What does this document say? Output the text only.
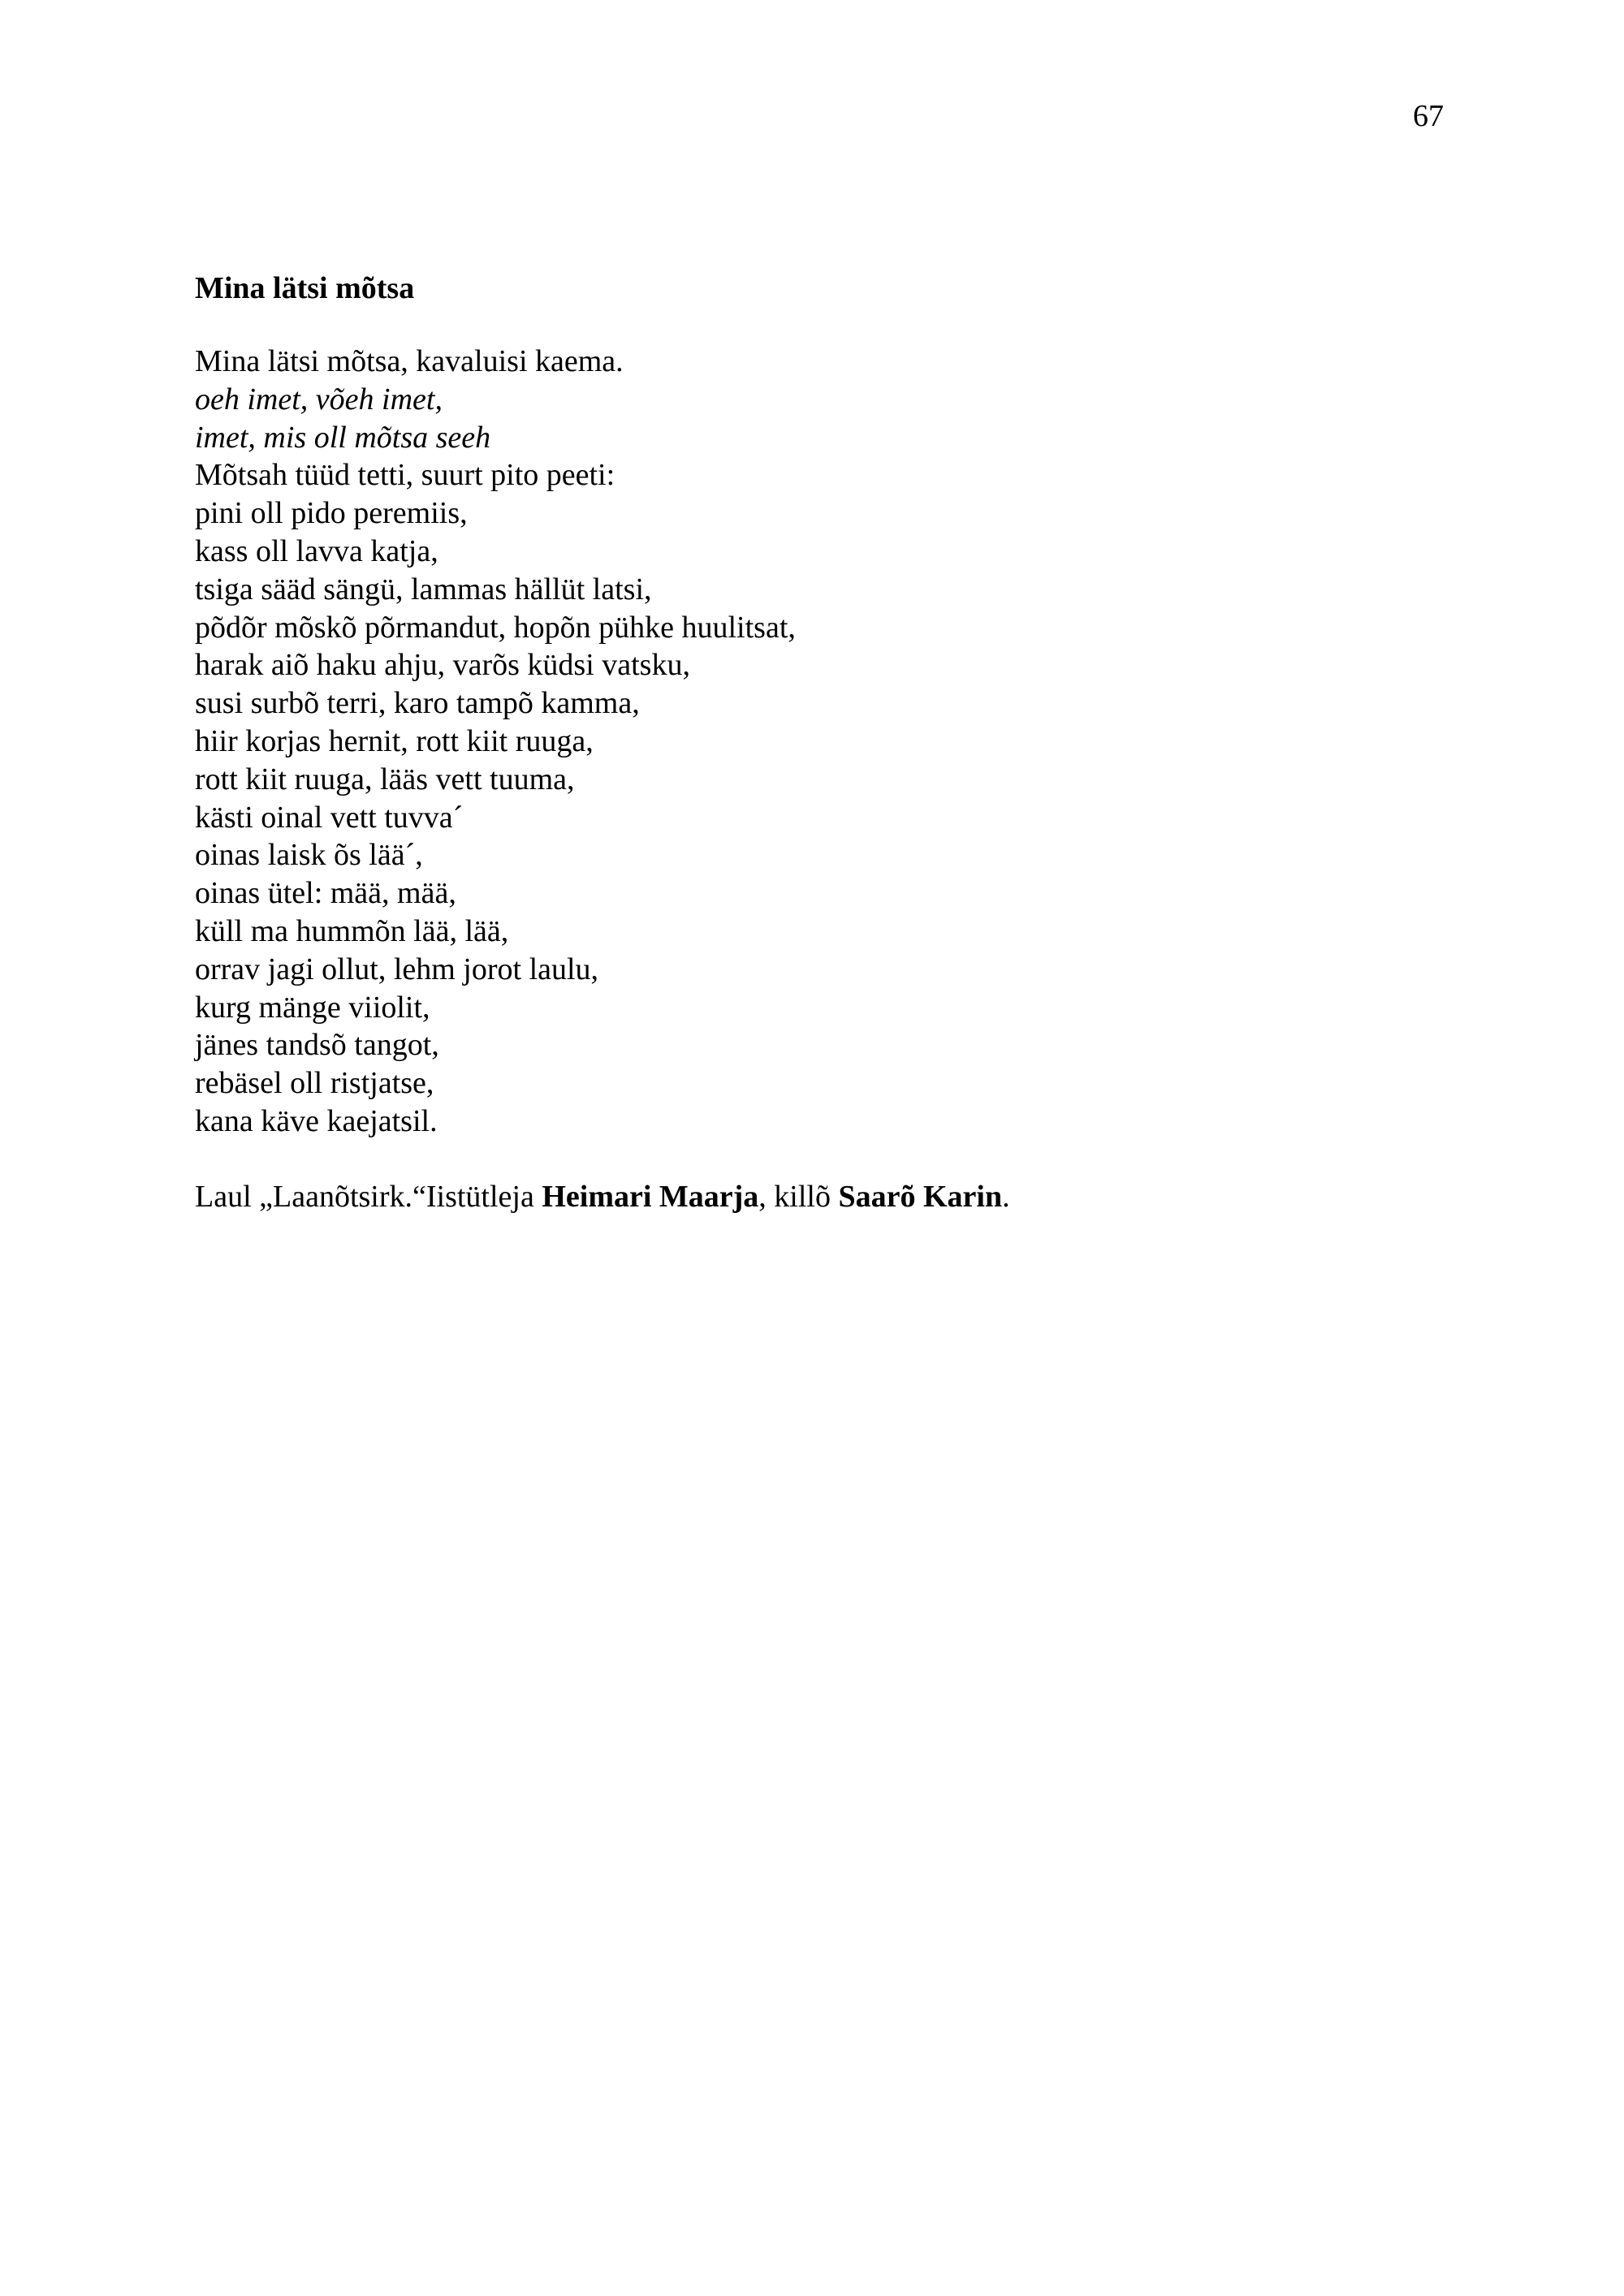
67
Mina lätsi mõtsa
Mina lätsi mõtsa, kavaluisi kaema.
oeh imet, võeh imet,
imet, mis oll mõtsa seeh
Mõtsah tüüd tetti, suurt pito peeti:
pini oll pido peremiis,
kass oll lavva katja,
tsiga sääd sängü, lammas hällüt latsi,
põdõr mõskõ põrmandut, hopõn pühke huulitsat,
harak aiõ haku ahju, varõs küdsi vatsku,
susi surbõ terri, karo tampõ kamma,
hiir korjas hernit, rott kiit ruuga,
rott kiit ruuga, lääs vett tuuma,
kästi oinal vett tuvva´
oinas laisk õs lää´,
oinas ütel: mää, mää,
küll ma hummõn lää, lää,
orrav jagi ollut, lehm jorot laulu,
kurg mänge viiolit,
jänes tandsõ tangot,
rebäsel oll ristjatse,
kana käve kaejatsil.
Laul „Laanõtsirk.“Iistütleja Heimari Maarja, killõ Saarõ Karin.
